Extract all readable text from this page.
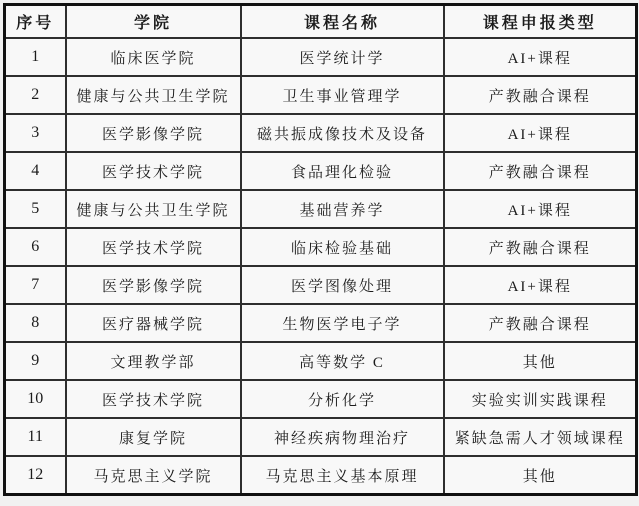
序号	学院	课程名称	课程申报类型
1	临床医学院	医学统计学	AI+课程
2	健康与公共卫生学院	卫生事业管理学	产教融合课程
3	医学影像学院	磁共振成像技术及设备	AI+课程
4	医学技术学院	食品理化检验	产教融合课程
5	健康与公共卫生学院	基础营养学	AI+课程
6	医学技术学院	临床检验基础	产教融合课程
7	医学影像学院	医学图像处理	AI+课程
8	医疗器械学院	生物医学电子学	产教融合课程
9	文理教学部	高等数学 C	其他
10	医学技术学院	分析化学	实验实训实践课程
11	康复学院	神经疾病物理治疗	紧缺急需人才领域课程
12	马克思主义学院	马克思主义基本原理	其他
